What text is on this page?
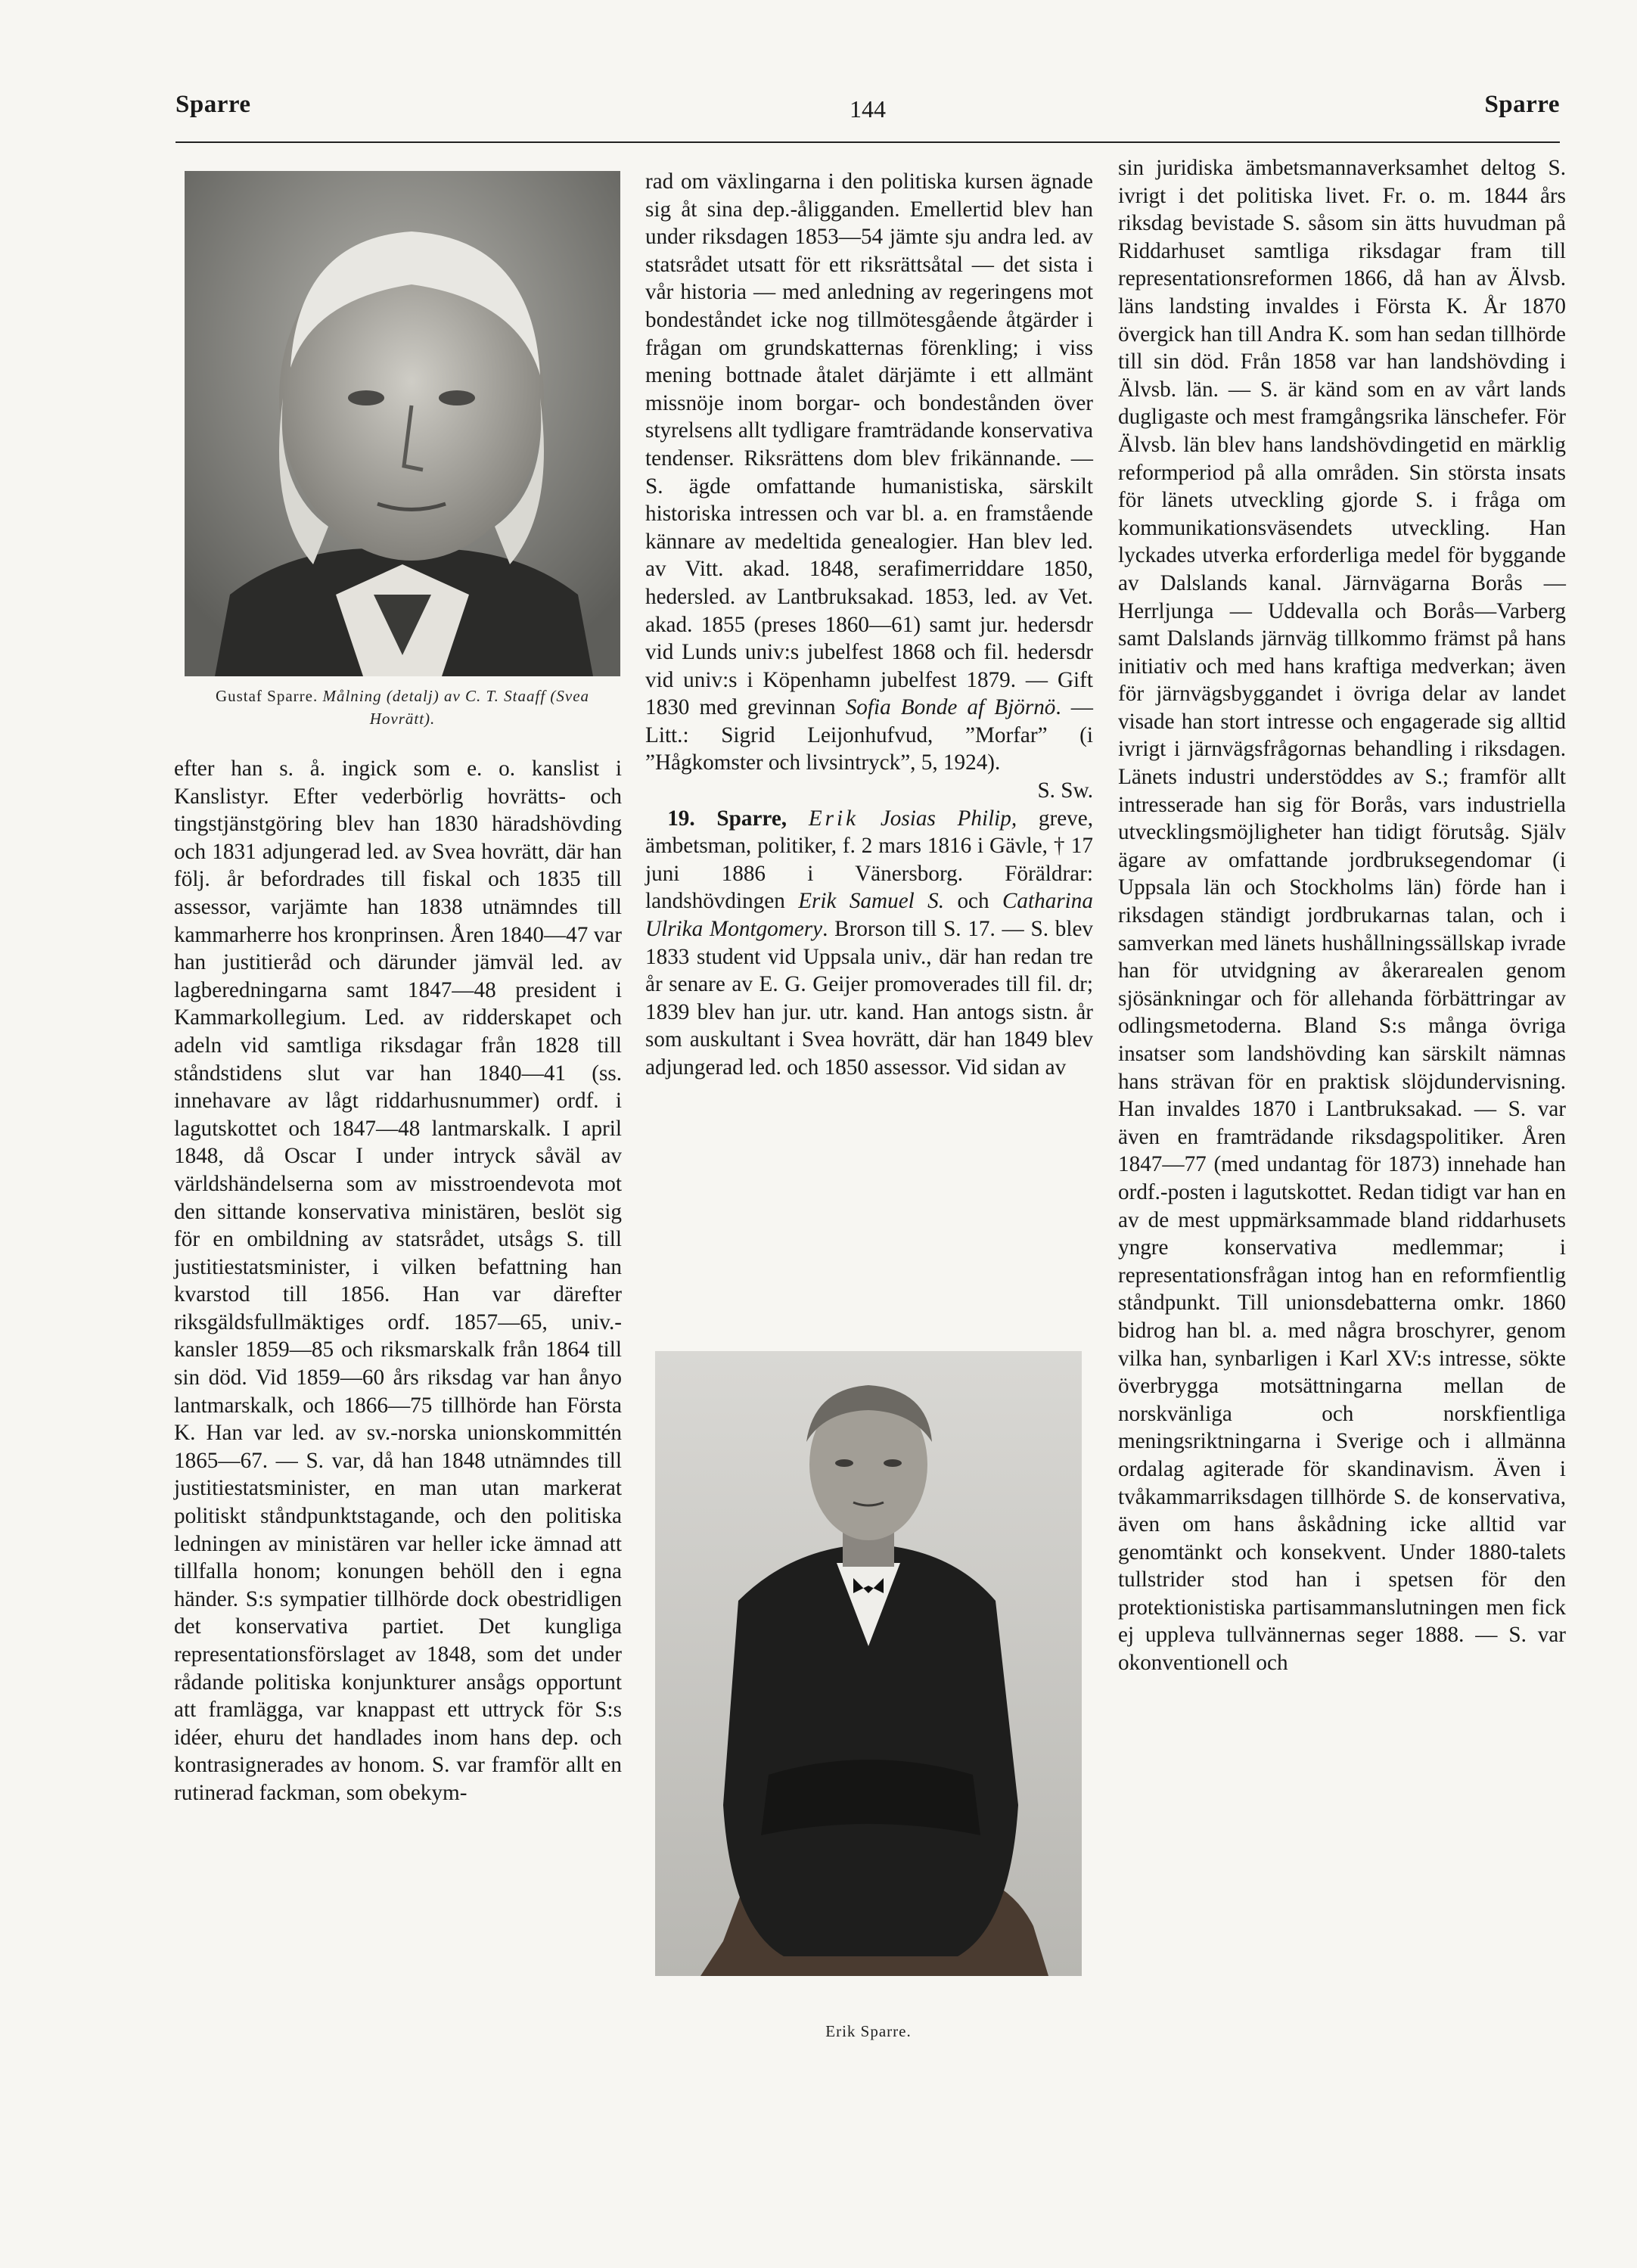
Sparre	144	Sparre
Gustaf Sparre. Målning (detalj) av C. T. Staaff (Svea Hovrätt).

efter han s. å. ingick som e. o. kanslist i Kanslistyr. Efter vederbörlig hovrätts- och tingstjänstgöring blev han 1830 häradshövding och 1831 adjungerad led. av Svea hovrätt, där han följ. år befordrades till fiskal och 1835 till assessor, varjämte han 1838 utnämndes till kammarherre hos kronprinsen. Åren 1840—47 var han justitieråd och därunder jämväl led. av lagberedningarna samt 1847—48 president i Kammarkollegium. Led. av ridderskapet och adeln vid samtliga riksdagar från 1828 till ståndstidens slut var han 1840—41 (ss. innehavare av lågt riddarhusnummer) ordf. i lagutskottet och 1847—48 lantmarskalk. I april 1848, då Oscar I under intryck såväl av världshändelserna som av misstroendevota mot den sittande konservativa ministären, beslöt sig för en ombildning av statsrådet, utsågs S. till justitiestatsminister, i vilken befattning han kvarstod till 1856. Han var därefter riksgäldsfullmäktiges ordf. 1857—65, univ.-kansler 1859—85 och riksmarskalk från 1864 till sin död. Vid 1859—60 års riksdag var han ånyo lantmarskalk, och 1866—75 tillhörde han Första K. Han var led. av sv.-norska unionskommittén 1865—67. — S. var, då han 1848 utnämndes till justitiestatsminister, en man utan markerat politiskt ståndpunktstagande, och den politiska ledningen av ministären var heller icke ämnad att tillfalla honom; konungen behöll den i egna händer. S:s sympatier tillhörde dock obestridligen det konservativa partiet. Det kungliga representationsförslaget av 1848, som det under rådande politiska konjunkturer ansågs opportunt att framlägga, var knappast ett uttryck för S:s idéer, ehuru det handlades inom hans dep. och kontrasignerades av honom. S. var framför allt en rutinerad fackman, som obekym-

rad om växlingarna i den politiska kursen ägnade sig åt sina dep.-åligganden. Emellertid blev han under riksdagen 1853—54 jämte sju andra led. av statsrådet utsatt för ett riksrättsåtal — det sista i vår historia — med anledning av regeringens mot bondeståndet icke nog tillmötesgående åtgärder i frågan om grundskatternas förenkling; i viss mening bottnade åtalet därjämte i ett allmänt missnöje inom borgar- och bondestånden över styrelsens allt tydligare framträdande konservativa tendenser. Riksrättens dom blev frikännande. — S. ägde omfattande humanistiska, särskilt historiska intressen och var bl. a. en framstående kännare av medeltida genealogier. Han blev led. av Vitt. akad. 1848, serafimerriddare 1850, hedersled. av Lantbruksakad. 1853, led. av Vet. akad. 1855 (preses 1860—61) samt jur. hedersdr vid Lunds univ:s jubelfest 1868 och fil. hedersdr vid univ:s i Köpenhamn jubelfest 1879. — Gift 1830 med grevinnan Sofia Bonde af Björnö. — Litt.: Sigrid Leijonhufvud, ”Morfar” (i ”Hågkomster och livsintryck”, 5, 1924).

S. Sw.

 19. Sparre, Erik Josias Philip, greve, ämbetsman, politiker, f. 2 mars 1816 i Gävle, † 17 juni 1886 i Vänersborg. Föräldrar: landshövdingen Erik Samuel S. och Catharina Ulrika Montgomery. Brorson till S. 17. — S. blev 1833 student vid Uppsala univ., där han redan tre år senare av E. G. Geijer promoverades till fil. dr; 1839 blev han jur. utr. kand. Han antogs sistn. år som auskultant i Svea hovrätt, där han 1849 blev adjungerad led. och 1850 assessor. Vid sidan av

Erik Sparre.

sin juridiska ämbetsmannaverksamhet deltog S. ivrigt i det politiska livet. Fr. o. m. 1844 års riksdag bevistade S. såsom sin ätts huvudman på Riddarhuset samtliga riksdagar fram till representationsreformen 1866, då han av Älvsb. läns landsting invaldes i Första K. År 1870 övergick han till Andra K. som han sedan tillhörde till sin död. Från 1858 var han landshövding i Älvsb. län. — S. är känd som en av vårt lands dugligaste och mest framgångsrika länschefer. För Älvsb. län blev hans landshövdingetid en märklig reformperiod på alla områden. Sin största insats för länets utveckling gjorde S. i fråga om kommunikationsväsendets utveckling. Han lyckades utverka erforderliga medel för byggande av Dalslands kanal. Järnvägarna Borås — Herrljunga — Uddevalla och Borås—Varberg samt Dalslands järnväg tillkommo främst på hans initiativ och med hans kraftiga medverkan; även för järnvägsbyggandet i övriga delar av landet visade han stort intresse och engagerade sig alltid ivrigt i järnvägsfrågornas behandling i riksdagen. Länets industri understöddes av S.; framför allt intresserade han sig för Borås, vars industriella utvecklingsmöjligheter han tidigt förutsåg. Själv ägare av omfattande jordbruksegendomar (i Uppsala län och Stockholms län) förde han i riksdagen ständigt jordbrukarnas talan, och i samverkan med länets hushållningssällskap ivrade han för utvidgning av åkerarealen genom sjösänkningar och för allehanda förbättringar av odlingsmetoderna. Bland S:s många övriga insatser som landshövding kan särskilt nämnas hans strävan för en praktisk slöjdundervisning. Han invaldes 1870 i Lantbruksakad. — S. var även en framträdande riksdagspolitiker. Åren 1847—77 (med undantag för 1873) innehade han ordf.-posten i lagutskottet. Redan tidigt var han en av de mest uppmärksammade bland riddarhusets yngre konservativa medlemmar; i representationsfrågan intog han en reformfientlig ståndpunkt. Till unionsdebatterna omkr. 1860 bidrog han bl. a. med några broschyrer, genom vilka han, synbarligen i Karl XV:s intresse, sökte överbrygga motsättningarna mellan de norskvänliga och norskfientliga meningsriktningarna i Sverige och i allmänna ordalag agiterade för skandinavism. Även i tvåkammarriksdagen tillhörde S. de konservativa, även om hans åskådning icke alltid var genomtänkt och konsekvent. Under 1880-talets tullstrider stod han i spetsen för den protektionistiska partisammanslutningen men fick ej uppleva tullvännernas seger 1888. — S. var okonventionell och
